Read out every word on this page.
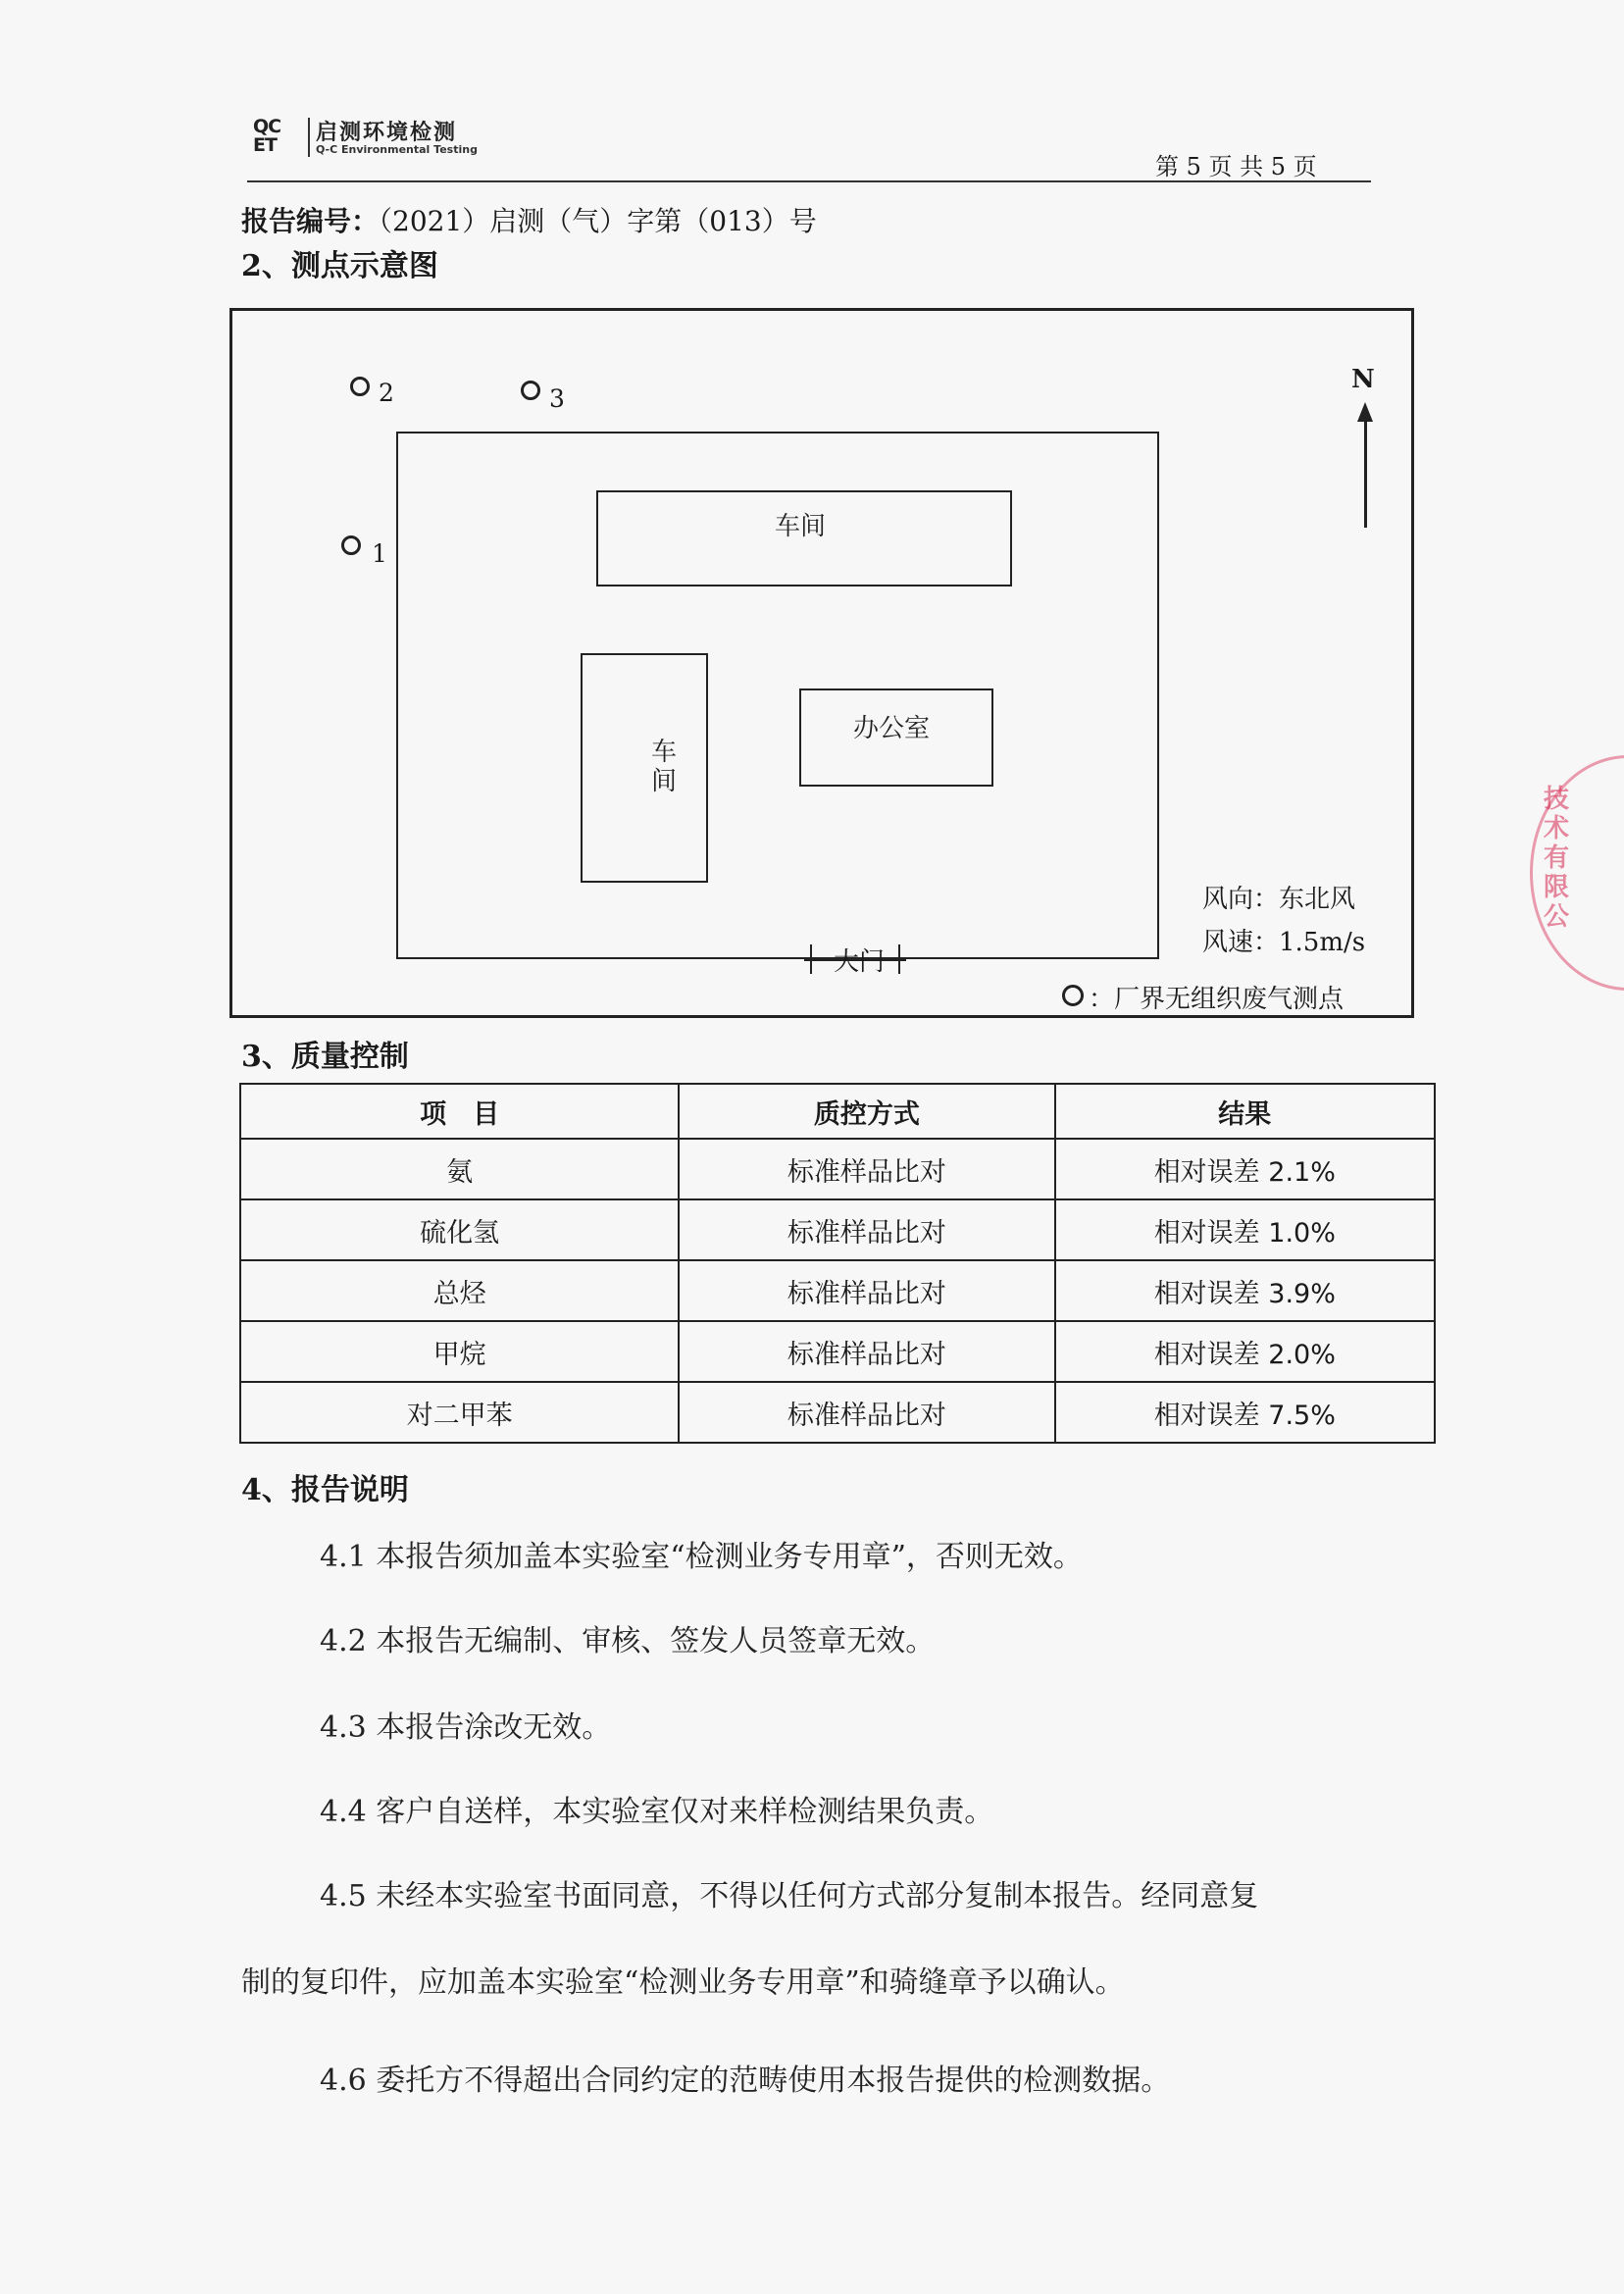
QC
ET	启测环境检测
Q-C Environmental Testing
第 5 页 共 5 页
报告编号：（2021）启测（气）字第（013）号
2、测点示意图
2	3
1
车间
车
间
办公室
N
风向：东北风
风速：1.5m/s
大门
：厂界无组织废气测点
3、质量控制
项　目	质控方式	结果
氨	标准样品比对	相对误差 2.1%
硫化氢	标准样品比对	相对误差 1.0%
总烃	标准样品比对	相对误差 3.9%
甲烷	标准样品比对	相对误差 2.0%
对二甲苯	标准样品比对	相对误差 7.5%
4、报告说明
4.1 本报告须加盖本实验室“检测业务专用章”，否则无效。
4.2 本报告无编制、审核、签发人员签章无效。
4.3 本报告涂改无效。
4.4 客户自送样，本实验室仅对来样检测结果负责。
4.5 未经本实验室书面同意，不得以任何方式部分复制本报告。经同意复
制的复印件，应加盖本实验室“检测业务专用章”和骑缝章予以确认。
4.6 委托方不得超出合同约定的范畴使用本报告提供的检测数据。
技术有限公
